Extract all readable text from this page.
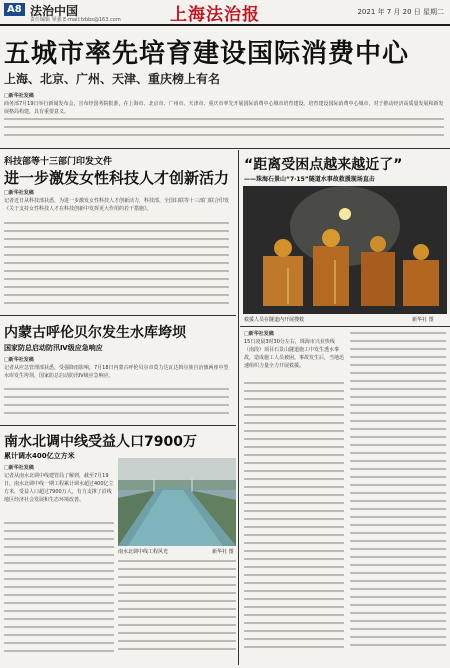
A8 法治中国
责任编辑 掌强 E-mail:fzbbs@163.com	上海法治报	2021 年 7 月 20 日 星期二
五城市率先培育建设国际消费中心
上海、北京、广州、天津、重庆榜上有名
□新华社发稿
商务部7月19日举行新闻发布会，宣布经国务院批准，在上海市、北京市、广州市、天津市、重庆市率先开展国际消费中心城市培育建设。培育建设国际消费中心城市，对于推动经济高质量发展和新发展格局构建，具有重要意义。
科技部等十三部门印发文件
进一步激发女性科技人才创新活力
□新华社发稿
记者近日从科技部获悉，为进一步激发女性科技人才创新活力，科技部、全国妇联等十三部门联合印发《关于支持女性科技人才在科技创新中发挥更大作用的若干措施》。
内蒙古呼伦贝尔发生水库垮坝
国家防总启动防汛Ⅳ级应急响应
□新华社发稿
记者从应急管理部获悉，受强降雨影响，7月18日内蒙古呼伦贝尔市莫力达瓦达斡尔族自治旗两座中型水库发生垮坝，国家防总启动防汛Ⅳ级应急响应。
南水北调中线受益人口7900万
累计调水400亿立方米
□新华社发稿
记者从南水北调中线建管局了解到，截至7月19日，南水北调中线一期工程累计调水超过400亿立方米，受益人口超过7900万人，有力支撑了沿线地区经济社会发展和生态环境改善。
南水北调中线工程风光	新华社 图
“距离受困点越来越近了”
——珠海石景山“7·15”隧道水事故救援现场直击
救援人员在隧道内开展搜救	新华社 图
□新华社发稿
15日凌晨3时30分左右，珠海市兴业快线（南段）项目石景山隧道施工中发生透水事故，造成施工人员被困。事故发生后，当地迅速组织力量全力开展救援。
